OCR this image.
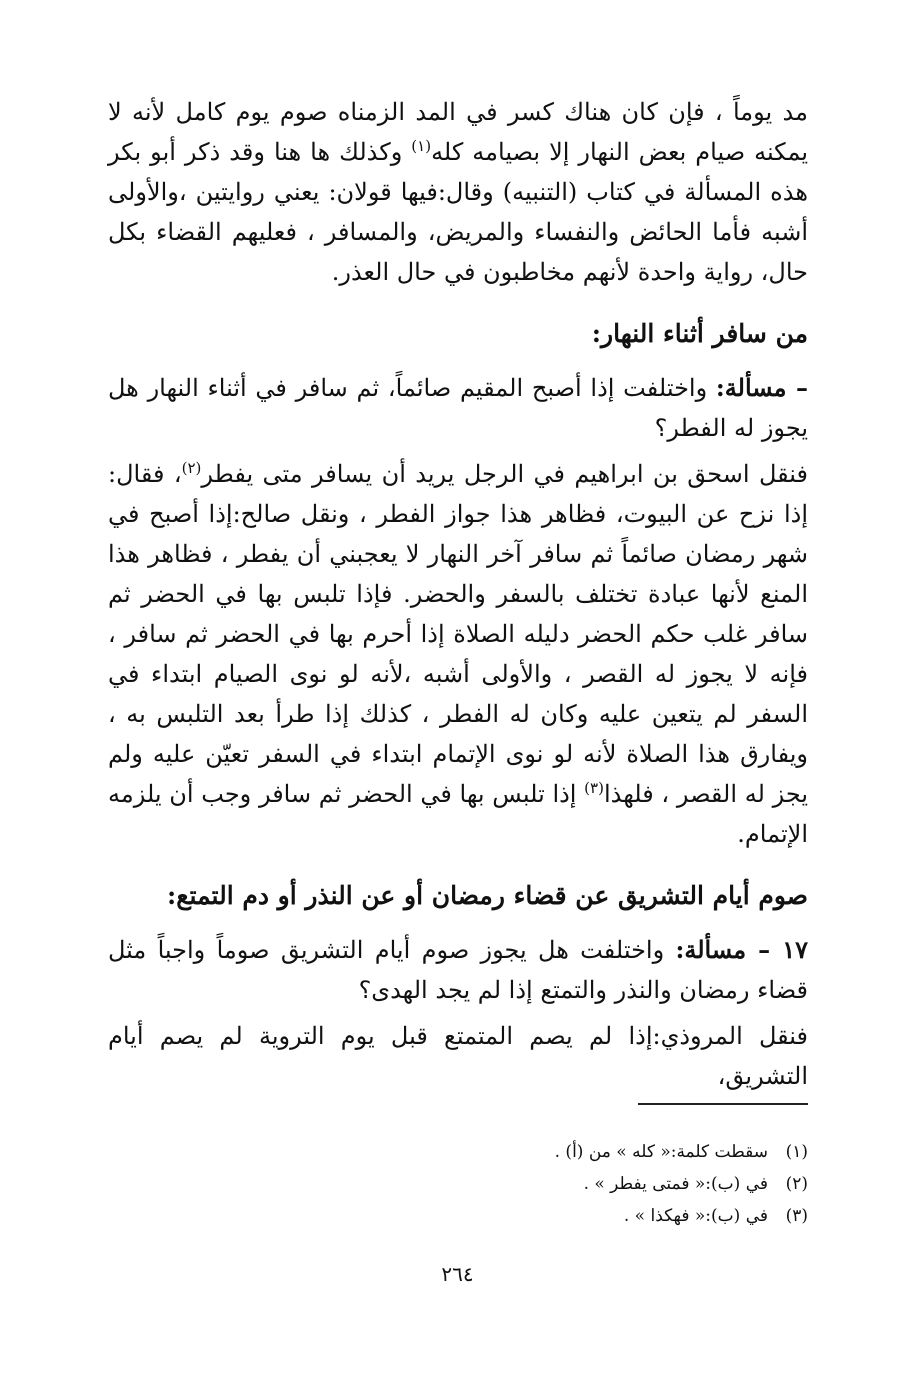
مد يوماً ، فإن كان هناك كسر في المد الزمناه صوم يوم كامل لأنه لا يمكنه صيام بعض النهار إلا بصيامه كله$^{(١)}$ وكذلك ها هنا وقد ذكر أبو بكر هذه المسألة في كتاب (التنبيه) وقال:فيها قولان: يعني روايتين ،والأولى أشبه فأما الحائض والنفساء والمريض، والمسافر ، فعليهم القضاء بكل حال، رواية واحدة لأنهم مخاطبون في حال العذر.

من سافر أثناء النهار:

– مسألة: واختلفت إذا أصبح المقيم صائماً، ثم سافر في أثناء النهار هل يجوز له الفطر؟

فنقل اسحق بن ابراهيم في الرجل يريد أن يسافر متى يفطر$^{(٢)}$، فقال: إذا نزح عن البيوت، فظاهر هذا جواز الفطر ، ونقل صالح:إذا أصبح في شهر رمضان صائماً ثم سافر آخر النهار لا يعجبني أن يفطر ، فظاهر هذا المنع لأنها عبادة تختلف بالسفر والحضر. فإذا تلبس بها في الحضر ثم سافر غلب حكم الحضر دليله الصلاة إذا أحرم بها في الحضر ثم سافر ، فإنه لا يجوز له القصر ، والأولى أشبه ،لأنه لو نوى الصيام ابتداء في السفر لم يتعين عليه وكان له الفطر ، كذلك إذا طرأ بعد التلبس به ، ويفارق هذا الصلاة لأنه لو نوى الإتمام ابتداء في السفر تعيّن عليه ولم يجز له القصر ، فلهذا$^{(٣)}$ إذا تلبس بها في الحضر ثم سافر وجب أن يلزمه الإتمام.

صوم أيام التشريق عن قضاء رمضان أو عن النذر أو دم التمتع:

١٧ – مسألة: واختلفت هل يجوز صوم أيام التشريق صوماً واجباً مثل قضاء رمضان والنذر والتمتع إذا لم يجد الهدى؟

فنقل المروذي:إذا لم يصم المتمتع قبل يوم التروية لم يصم أيام التشريق،

(١)
سقطت كلمة:« كله » من (أ) .

(٢)
في (ب):« فمتى يفطر » .

(٣)
في (ب):« فهكذا » .

٢٦٤
